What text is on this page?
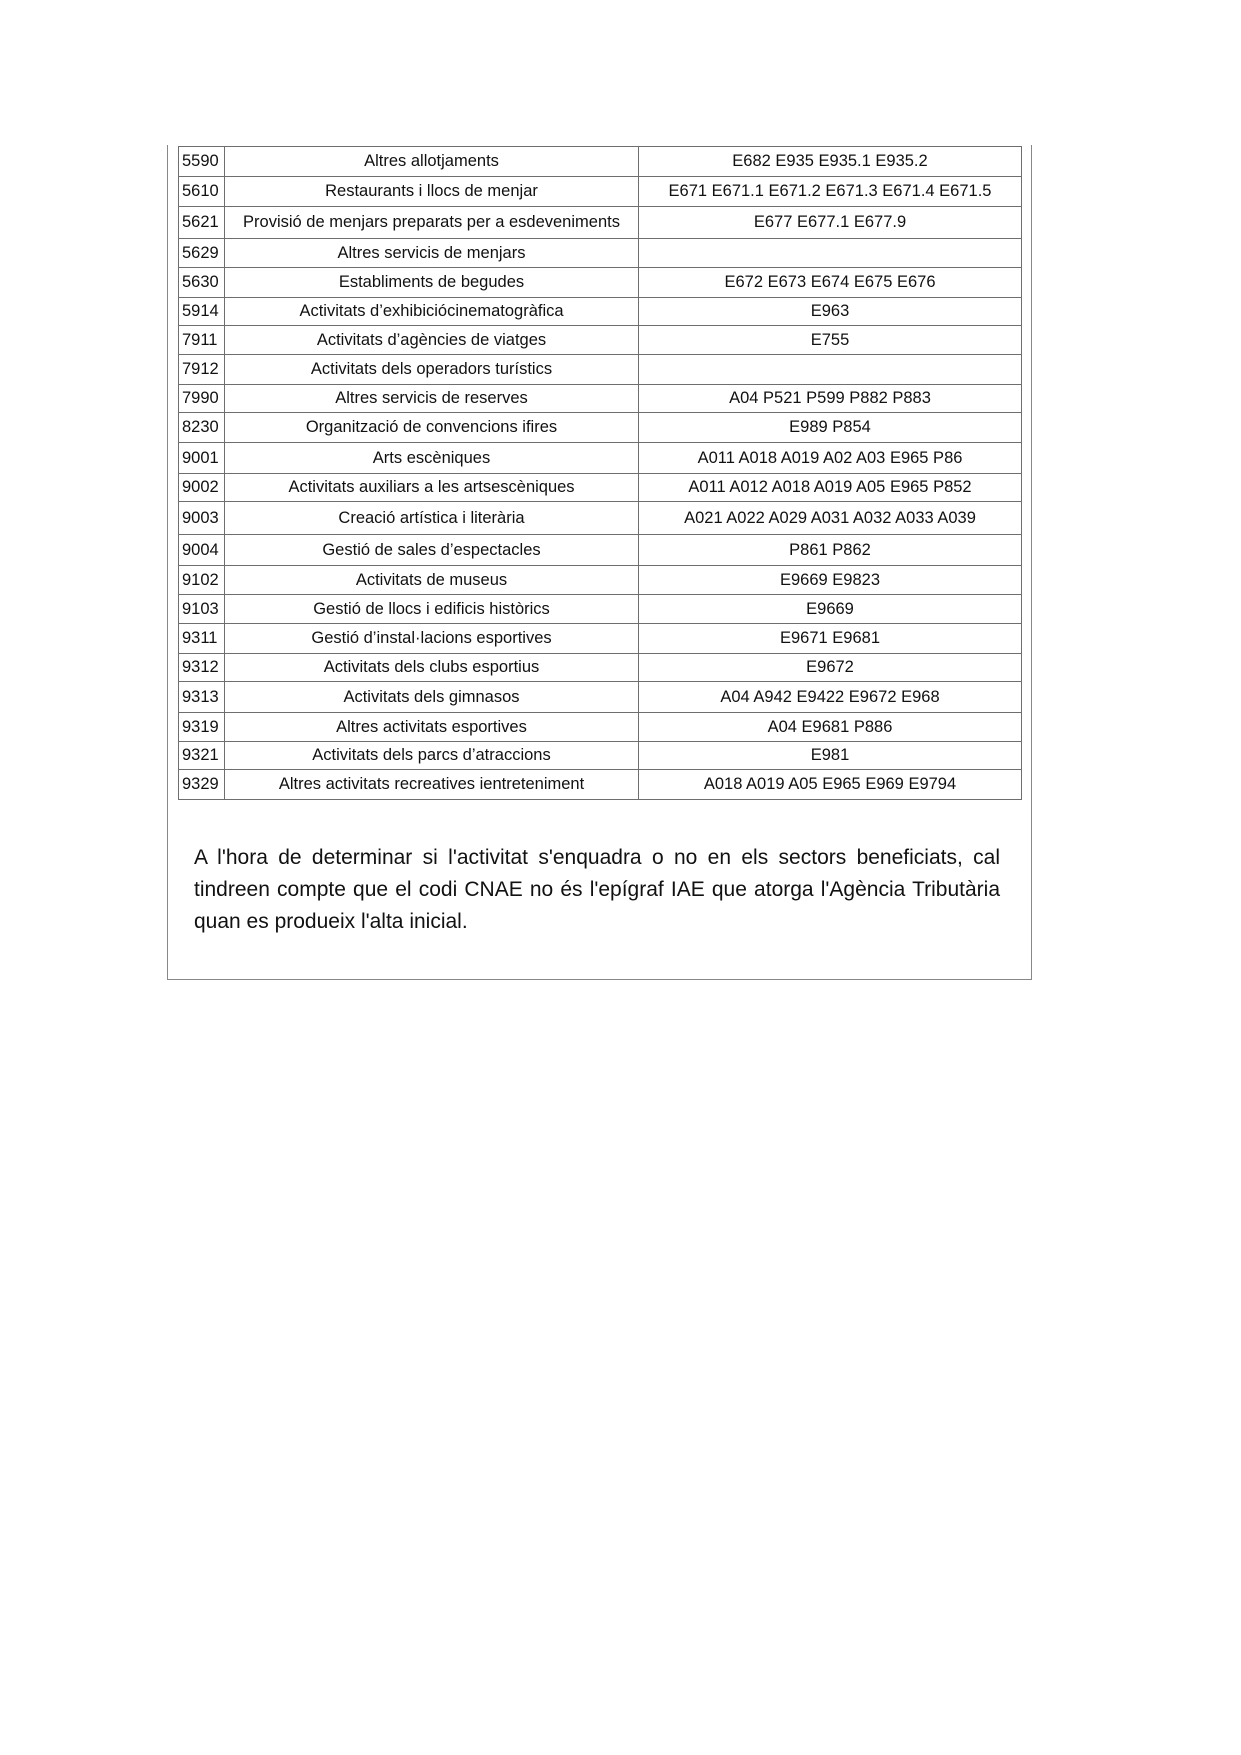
5590	Altres allotjaments	E682 E935 E935.1 E935.2
5610	Restaurants i llocs de menjar	E671 E671.1 E671.2 E671.3 E671.4 E671.5
5621	Provisió de menjars preparats per a esdeveniments	E677 E677.1 E677.9
5629	Altres servicis de menjars	
5630	Establiments de begudes	E672 E673 E674 E675 E676
5914	Activitats d’exhibiciócinematogràfica	E963
7911	Activitats d’agències de viatges	E755
7912	Activitats dels operadors turístics	
7990	Altres servicis de reserves	A04 P521 P599 P882 P883
8230	Organització de convencions ifires	E989 P854
9001	Arts escèniques	A011 A018 A019 A02 A03 E965 P86
9002	Activitats auxiliars a les artsescèniques	A011 A012 A018 A019 A05 E965 P852
9003	Creació artística i literària	A021 A022 A029 A031 A032 A033 A039
9004	Gestió de sales d’espectacles	P861 P862
9102	Activitats de museus	E9669 E9823
9103	Gestió de llocs i edificis històrics	E9669
9311	Gestió d’instal·lacions esportives	E9671 E9681
9312	Activitats dels clubs esportius	E9672
9313	Activitats dels gimnasos	A04 A942 E9422 E9672 E968
9319	Altres activitats esportives	A04 E9681 P886
9321	Activitats dels parcs d’atraccions	E981
9329	Altres activitats recreatives ientreteniment	A018 A019 A05 E965 E969 E9794

A l'hora de determinar si l'activitat s'enquadra o no en els sectors beneficiats, cal tindreen compte que el codi CNAE no és l'epígraf IAE que atorga l'Agència Tributària quan es produeix l'alta inicial.
